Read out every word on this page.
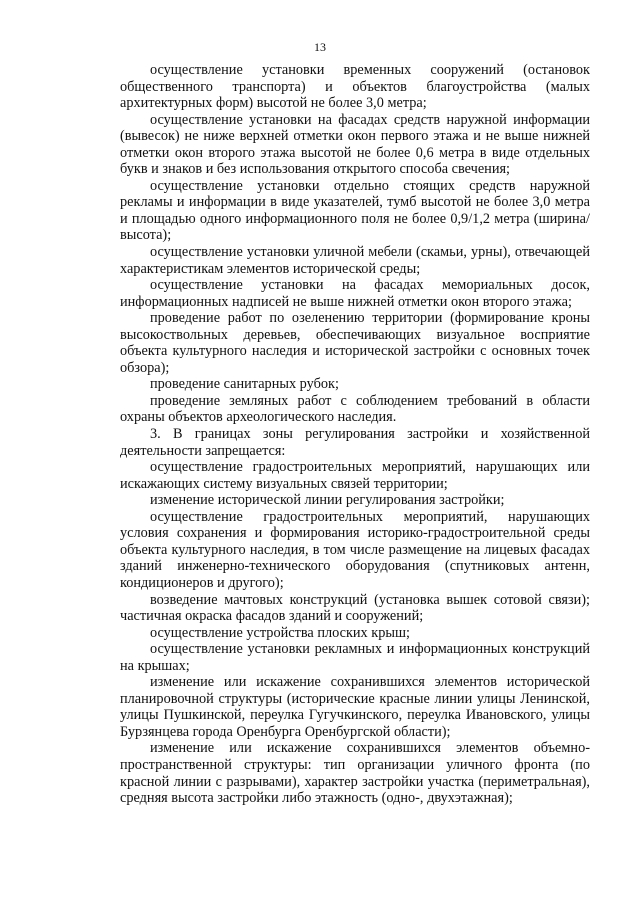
13

осуществление установки временных сооружений (остановок общественного транспорта) и объектов благоустройства (малых архитектурных форм) высотой не более 3,0 метра;

осуществление установки на фасадах средств наружной информации (вывесок) не ниже верхней отметки окон первого этажа и не выше нижней отметки окон второго этажа высотой не более 0,6 метра в виде отдельных букв и знаков и без использования открытого способа свечения;

осуществление установки отдельно стоящих средств наружной рекламы и информации в виде указателей, тумб высотой не более 3,0 метра и площадью одного информационного поля не более 0,9/1,2 метра (ширина/высота);

осуществление установки уличной мебели (скамьи, урны), отвечающей характеристикам элементов исторической среды;

осуществление установки на фасадах мемориальных досок, информационных надписей не выше нижней отметки окон второго этажа;

проведение работ по озеленению территории (формирование кроны высокоствольных деревьев, обеспечивающих визуальное восприятие объекта культурного наследия и исторической застройки с основных точек обзора);

проведение санитарных рубок;

проведение земляных работ с соблюдением требований в области охраны объектов археологического наследия.

3. В границах зоны регулирования застройки и хозяйственной деятельности запрещается:

осуществление градостроительных мероприятий, нарушающих или искажающих систему визуальных связей территории;

изменение исторической линии регулирования застройки;

осуществление градостроительных мероприятий, нарушающих условия сохранения и формирования историко-градостроительной среды объекта культурного наследия, в том числе размещение на лицевых фасадах зданий инженерно-технического оборудования (спутниковых антенн, кондиционеров и другого);

возведение мачтовых конструкций (установка вышек сотовой связи); частичная окраска фасадов зданий и сооружений;

осуществление устройства плоских крыш;

осуществление установки рекламных и информационных конструкций на крышах;

изменение или искажение сохранившихся элементов исторической планировочной структуры (исторические красные линии улицы Ленинской, улицы Пушкинской, переулка Гугучкинского, переулка Ивановского, улицы Бурзянцева города Оренбурга Оренбургской области);

изменение или искажение сохранившихся элементов объемно-пространственной структуры: тип организации уличного фронта (по красной линии с разрывами), характер застройки участка (периметральная), средняя высота застройки либо этажность (одно-, двухэтажная);
